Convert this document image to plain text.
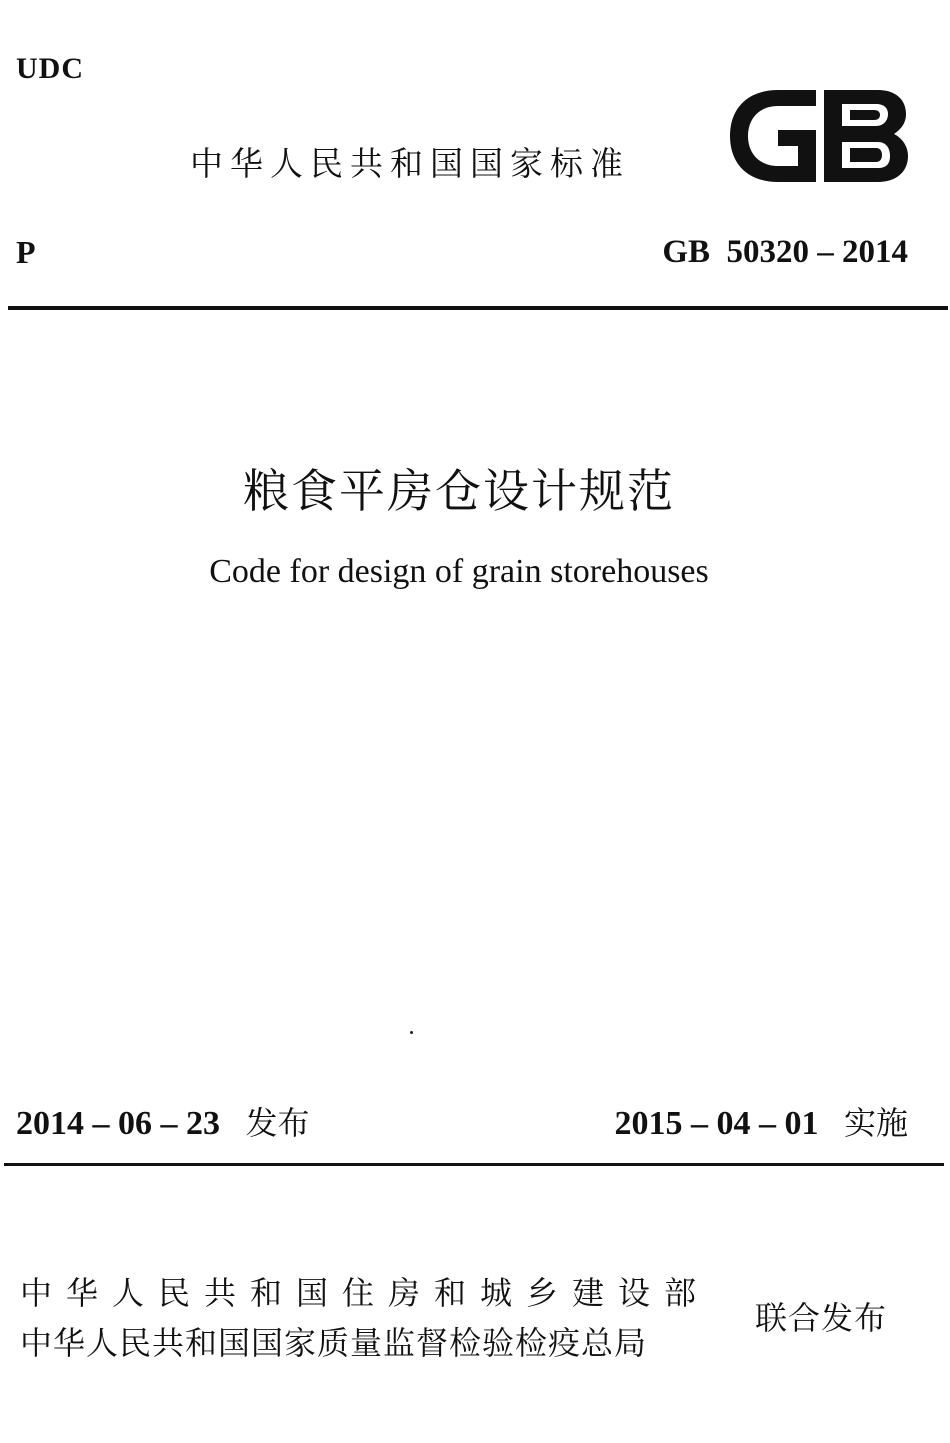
UDC
中华人民共和国国家标准
P	GB  50320 – 2014
粮食平房仓设计规范
Code for design of grain storehouses
2014 – 06 – 23 发布	2015 – 04 – 01 实施
中华人民共和国住房和城乡建设部
中华人民共和国国家质量监督检验检疫总局
联合发布
